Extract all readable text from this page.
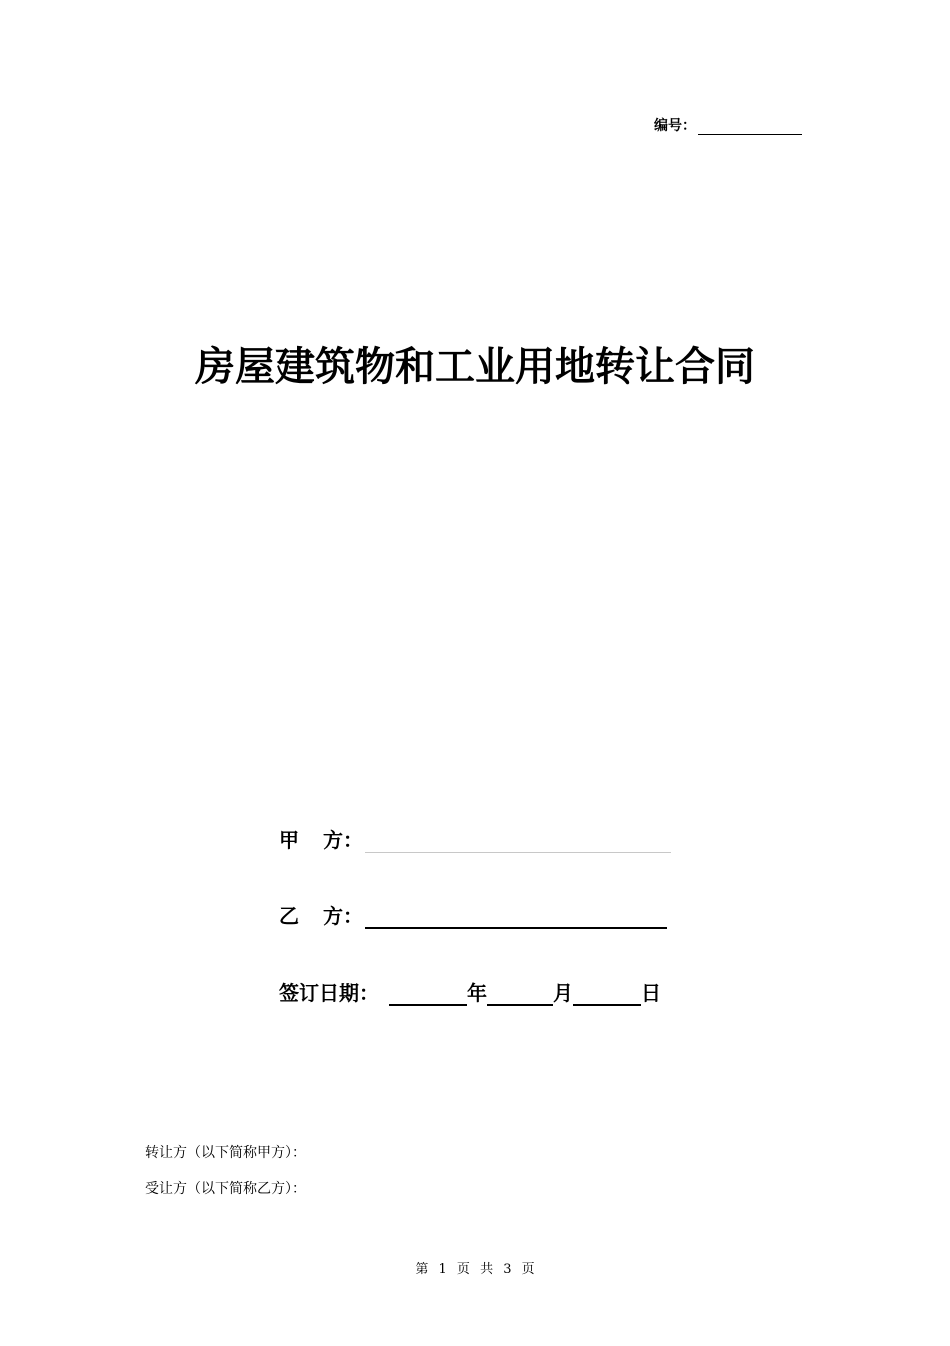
编号：
房屋建筑物和工业用地转让合同
甲 方：
乙 方：
签订日期：	年	月	日
转让方（以下简称甲方）：
受让方（以下简称乙方）：
第 1 页 共 3 页
